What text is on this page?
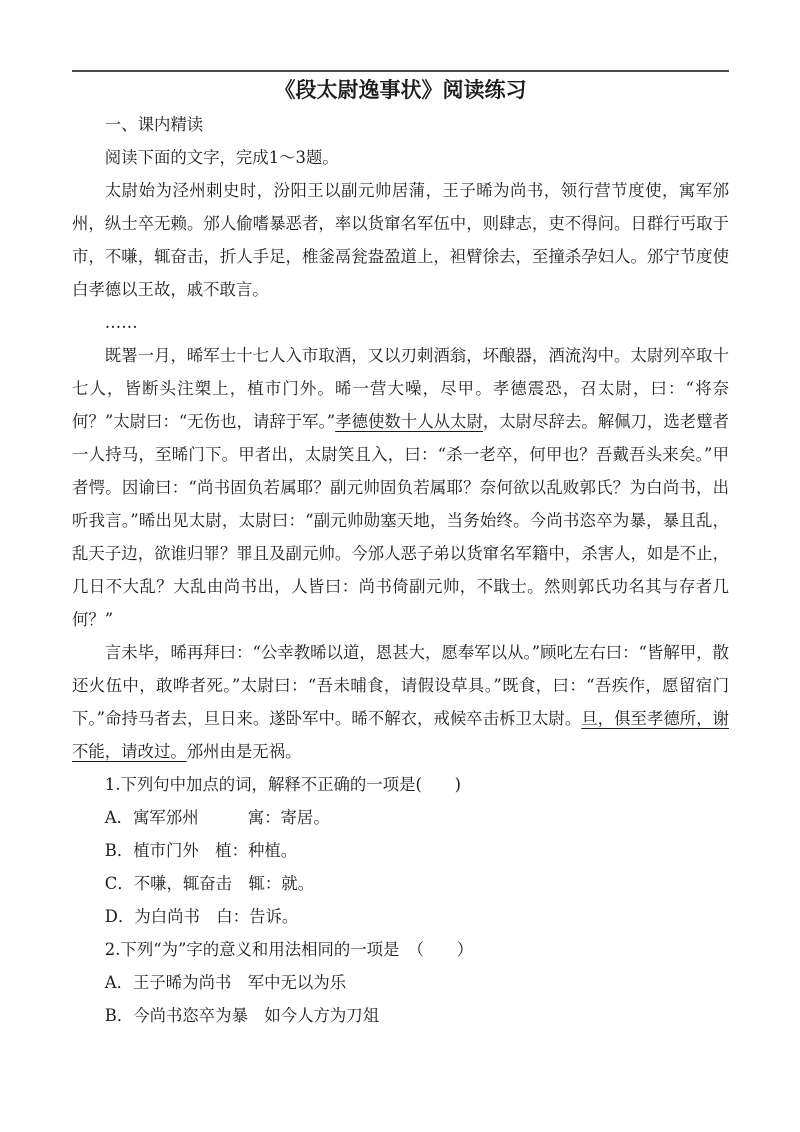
《段太尉逸事状》阅读练习

一、课内精读

阅读下面的文字，完成1～3题。

太尉始为泾州刺史时，汾阳王以副元帅居蒲，王子晞为尚书，领行营节度使，寓军邠州，纵士卒无赖。邠人偷嗜暴恶者，率以货窜名军伍中，则肆志，吏不得问。日群行丐取于市，不嗛，辄奋击，折人手足，椎釜鬲瓮盎盈道上，袒臂徐去，至撞杀孕妇人。邠宁节度使白孝德以王故，戚不敢言。

……

既署一月，晞军士十七人入市取酒，又以刃刺酒翁，坏酿器，酒流沟中。太尉列卒取十七人，皆断头注槊上，植市门外。晞一营大噪，尽甲。孝德震恐，召太尉，曰：“将奈何？”太尉曰：“无伤也，请辞于军。”孝德使数十人从太尉，太尉尽辞去。解佩刀，选老躄者一人持马，至晞门下。甲者出，太尉笑且入，曰：“杀一老卒，何甲也？吾戴吾头来矣。”甲者愕。因谕曰：“尚书固负若属耶？副元帅固负若属耶？奈何欲以乱败郭氏？为白尚书，出听我言。”晞出见太尉，太尉曰：“副元帅勋塞天地，当务始终。今尚书恣卒为暴，暴且乱，乱天子边，欲谁归罪？罪且及副元帅。今邠人恶子弟以货窜名军籍中，杀害人，如是不止，几日不大乱？大乱由尚书出，人皆曰：尚书倚副元帅，不戢士。然则郭氏功名其与存者几何？”

言未毕，晞再拜曰：“公幸教晞以道，恩甚大，愿奉军以从。”顾叱左右曰：“皆解甲，散还火伍中，敢哗者死。”太尉曰：“吾未晡食，请假设草具。”既食，曰：“吾疾作，愿留宿门下。”命持马者去，旦日来。遂卧军中。晞不解衣，戒候卒击柝卫太尉。旦，俱至孝德所，谢不能，请改过。邠州由是无祸。

1.下列句中加点的词，解释不正确的一项是(　　)

A．寓军邠州　　　寓：寄居。

B．植市门外　植：种植。

C．不嗛，辄奋击　辄：就。

D．为白尚书　白：告诉。

2.下列“为”字的意义和用法相同的一项是　（　　）

A．王子晞为尚书　军中无以为乐

B．今尚书恣卒为暴　如今人方为刀俎
